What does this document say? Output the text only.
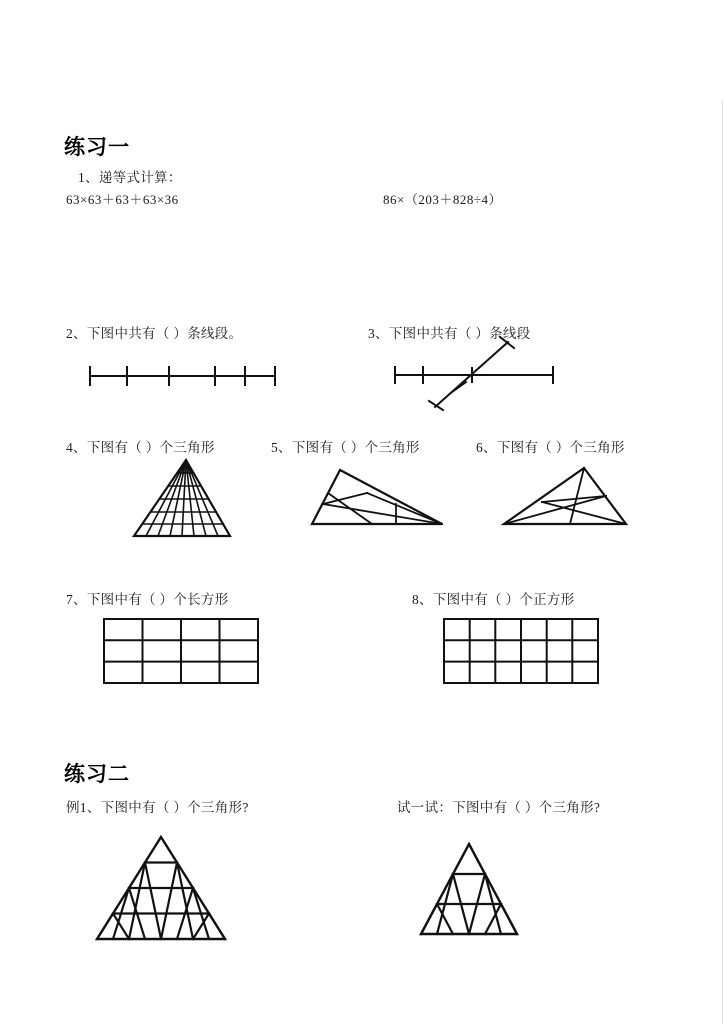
练习一
1、递等式计算：
63×63＋63＋63×36	86×（203＋828÷4）
2、下图中共有（ ）条线段。	3、下图中共有（ ）条线段
4、下图有（ ）个三角形	5、下图有（ ）个三角形	6、下图有（ ）个三角形
7、下图中有（ ）个长方形	8、下图中有（ ）个正方形
练习二
例1、下图中有（ ）个三角形?	试一试：下图中有（ ）个三角形?
